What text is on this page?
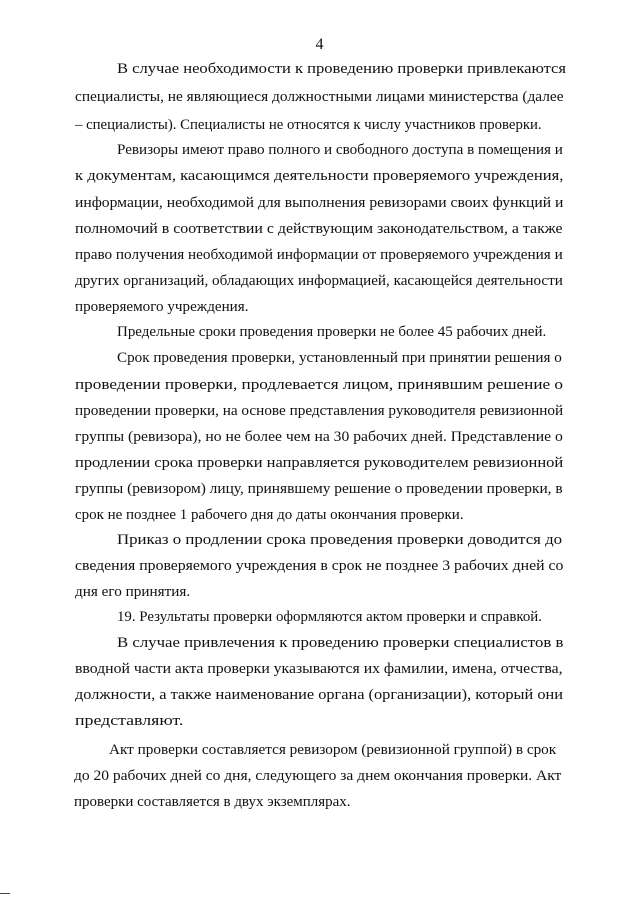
4
В случае необходимости к проведению проверки привлекаются
специалисты, не являющиеся должностными лицами министерства (далее
– специалисты). Специалисты не относятся к числу участников проверки.
Ревизоры имеют право полного и свободного доступа в помещения и
к документам, касающимся деятельности проверяемого учреждения,
информации, необходимой для выполнения ревизорами своих функций и
полномочий в соответствии с действующим законодательством, а также
право получения необходимой информации от проверяемого учреждения и
других организаций, обладающих информацией, касающейся деятельности
проверяемого учреждения.
Предельные сроки проведения проверки не более 45 рабочих дней.
Срок проведения проверки, установленный при принятии решения о
проведении проверки, продлевается лицом, принявшим решение о
проведении проверки, на основе представления руководителя ревизионной
группы (ревизора), но не более чем на 30 рабочих дней. Представление о
продлении срока проверки направляется руководителем ревизионной
группы (ревизором) лицу, принявшему решение о проведении проверки, в
срок не позднее 1 рабочего дня до даты окончания проверки.
Приказ о продлении срока проведения проверки доводится до
сведения проверяемого учреждения в срок не позднее 3 рабочих дней со
дня его принятия.
19. Результаты проверки оформляются актом проверки и справкой.
В случае привлечения к проведению проверки специалистов в
вводной части акта проверки указываются их фамилии, имена, отчества,
должности, а также наименование органа (организации), который они
представляют.
Акт проверки составляется ревизором (ревизионной группой) в срок
до 20 рабочих дней со дня, следующего за днем окончания проверки. Акт
проверки составляется в двух экземплярах.
